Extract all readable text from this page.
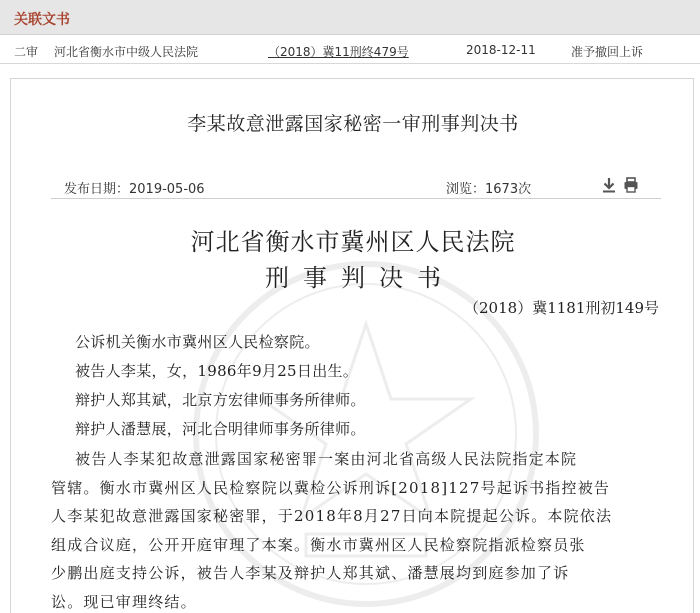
关联文书
二审 河北省衡水市中级人民法院	（2018）冀11刑终479号	2018-12-11	准予撤回上诉
李某故意泄露国家秘密一审刑事判决书
发布日期：2019-05-06	浏览：1673次
河北省衡水市冀州区人民法院
刑事判决书
（2018）冀1181刑初149号
公诉机关衡水市冀州区人民检察院。
被告人李某，女，1986年9月25日出生。
辩护人郑其斌，北京方宏律师事务所律师。
辩护人潘慧展，河北合明律师事务所律师。
被告人李某犯故意泄露国家秘密罪一案由河北省高级人民法院指定本院
管辖。衡水市冀州区人民检察院以冀检公诉刑诉[2018]127号起诉书指控被告
人李某犯故意泄露国家秘密罪，于2018年8月27日向本院提起公诉。本院依法
组成合议庭，公开开庭审理了本案。衡水市冀州区人民检察院指派检察员张
少鹏出庭支持公诉，被告人李某及辩护人郑其斌、潘慧展均到庭参加了诉
讼。现已审理终结。
